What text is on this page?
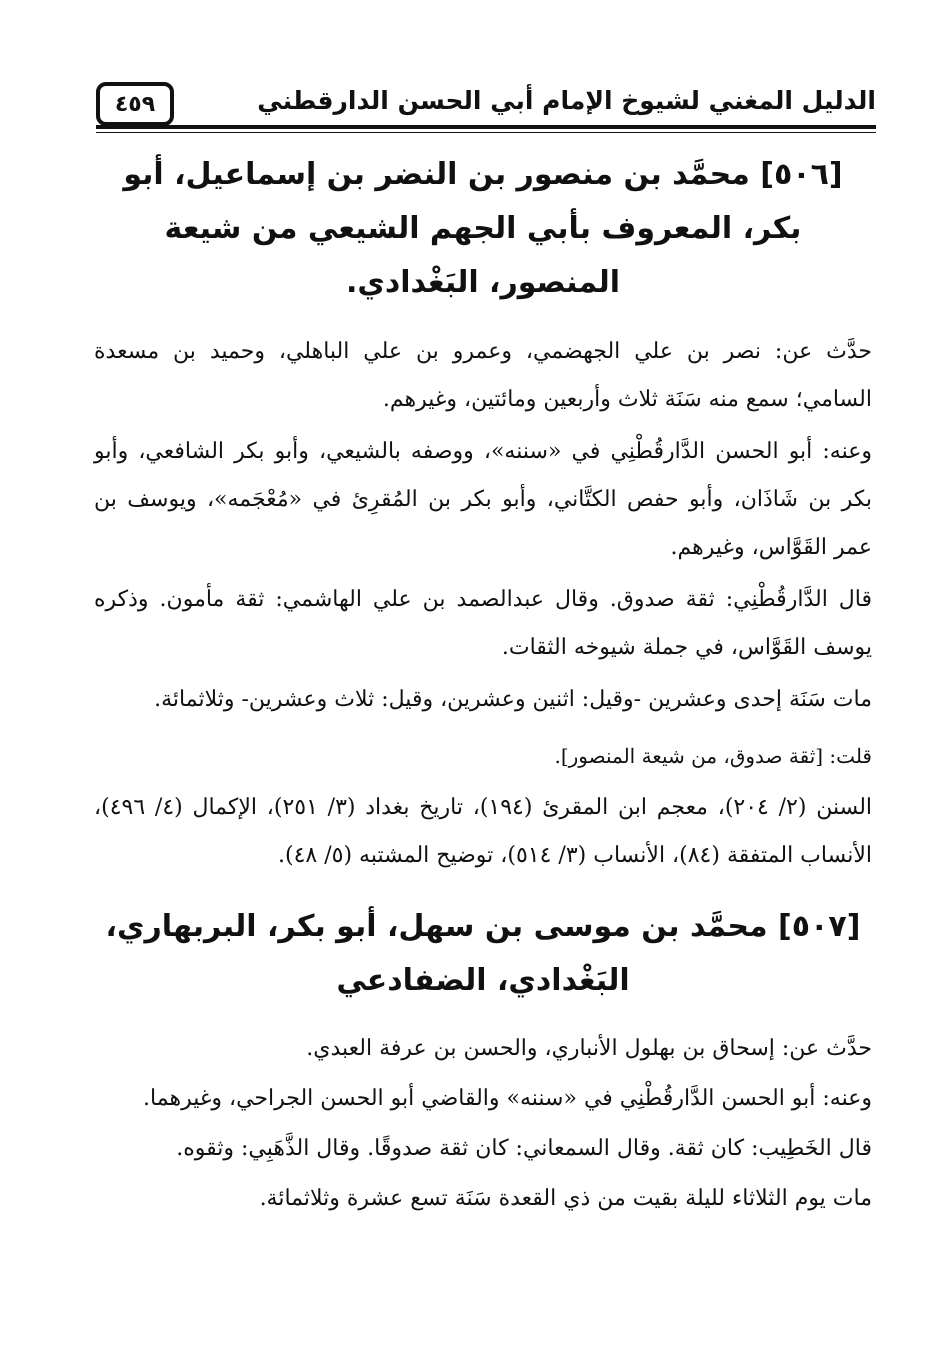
الدليل المغني لشيوخ الإمام أبي الحسن الدارقطني
٤٥٩
[٥٠٦] محمَّد بن منصور بن النضر بن إسماعيل، أبو بكر، المعروف بأبي الجهم الشيعي من شيعة المنصور، البَغْدادي.

حدَّث عن: نصر بن علي الجهضمي، وعمرو بن علي الباهلي، وحميد بن مسعدة السامي؛ سمع منه سَنَة ثلاث وأربعين ومائتين، وغيرهم.

وعنه: أبو الحسن الدَّارقُطْنِي في «سننه»، ووصفه بالشيعي، وأبو بكر الشافعي، وأبو بكر بن شَاذَان، وأبو حفص الكتَّاني، وأبو بكر بن المُقرِئ في «مُعْجَمه»، ويوسف بن عمر القَوَّاس، وغيرهم.

قال الدَّارقُطْنِي: ثقة صدوق. وقال عبدالصمد بن علي الهاشمي: ثقة مأمون. وذكره يوسف القَوَّاس، في جملة شيوخه الثقات.

مات سَنَة إحدى وعشرين -وقيل: اثنين وعشرين، وقيل: ثلاث وعشرين- وثلاثمائة.

قلت: [ثقة صدوق، من شيعة المنصور].

السنن (٢/ ٢٠٤)، معجم ابن المقرئ (١٩٤)، تاريخ بغداد (٣/ ٢٥١)، الإكمال (٤/ ٤٩٦)، الأنساب المتفقة (٨٤)، الأنساب (٣/ ٥١٤)، توضيح المشتبه (٥/ ٤٨).

[٥٠٧] محمَّد بن موسى بن سهل، أبو بكر، البربهاري، البَغْدادي، الضفادعي

حدَّث عن: إسحاق بن بهلول الأنباري، والحسن بن عرفة العبدي.

وعنه: أبو الحسن الدَّارقُطْنِي في «سننه» والقاضي أبو الحسن الجراحي، وغيرهما.

قال الخَطِيب: كان ثقة. وقال السمعاني: كان ثقة صدوقًا. وقال الذَّهَبِي: وثقوه.

مات يوم الثلاثاء لليلة بقيت من ذي القعدة سَنَة تسع عشرة وثلاثمائة.
